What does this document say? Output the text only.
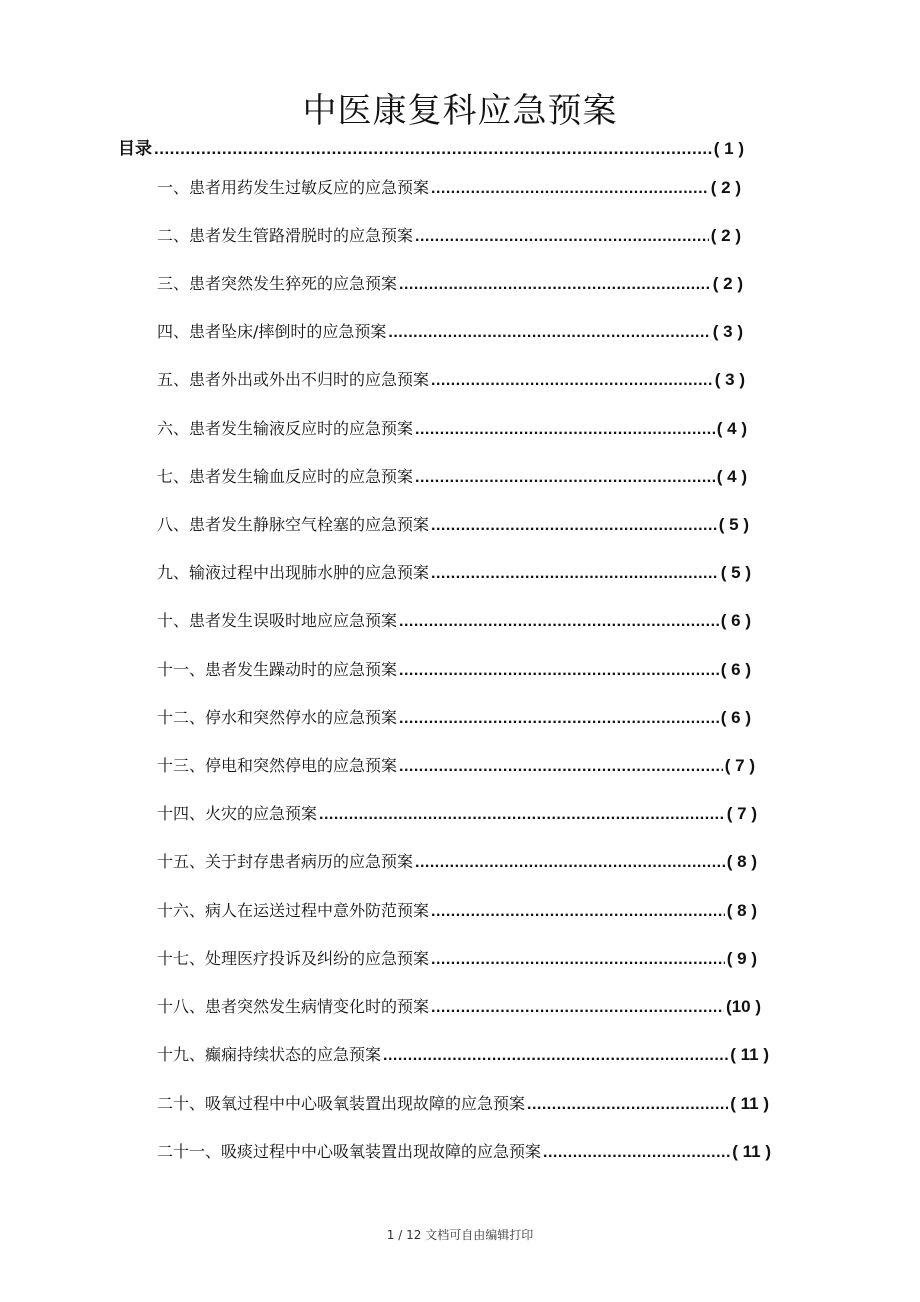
中医康复科应急预案
目录 .....	( 1 )
一、患者用药发生过敏反应的应急预案 .....	( 2 )
二、患者发生管路滑脱时的应急预案 .....	( 2 )
三、患者突然发生猝死的应急预案 .....	( 2 )
四、患者坠床/摔倒时的应急预案 .....	( 3 )
五、患者外出或外出不归时的应急预案 .....	( 3 )
六、患者发生输液反应时的应急预案 .....	( 4 )
七、患者发生输血反应时的应急预案 .....	( 4 )
八、患者发生静脉空气栓塞的应急预案 .....	( 5 )
九、输液过程中出现肺水肿的应急预案 .....	( 5 )
十、患者发生误吸时地应应急预案 .....	( 6 )
十一、患者发生躁动时的应急预案 .....	( 6 )
十二、停水和突然停水的应急预案 .....	( 6 )
十三、停电和突然停电的应急预案 .....	( 7 )
十四、火灾的应急预案 .....	( 7 )
十五、关于封存患者病历的应急预案 .....	( 8 )
十六、病人在运送过程中意外防范预案 .....	( 8 )
十七、处理医疗投诉及纠纷的应急预案 .....	( 9 )
十八、患者突然发生病情变化时的预案 .....	(10 )
十九、癫痫持续状态的应急预案 .....	( 11 )
二十、吸氧过程中中心吸氧装置出现故障的应急预案 .....	( 11 )
二十一、吸痰过程中中心吸氧装置出现故障的应急预案 .....	( 11 )
1 / 12 文档可自由编辑打印
